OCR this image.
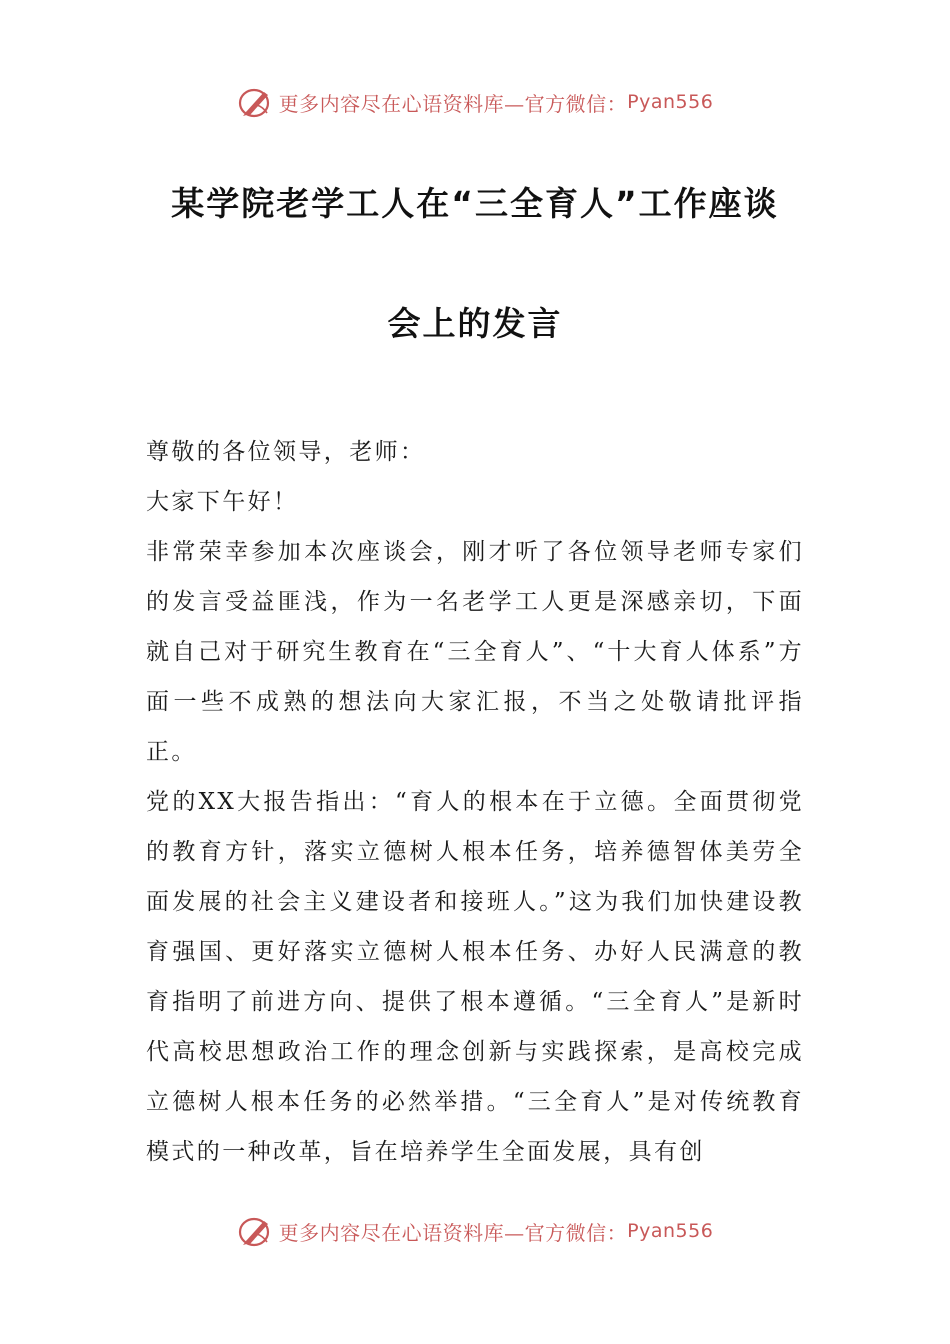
更多内容尽在心语资料库—官方微信： Pyan556
某学院老学工人在“三全育人”工作座谈
会上的发言

尊敬的各位领导，老师：

大家下午好！

非常荣幸参加本次座谈会，刚才听了各位领导老师专家们的发言受益匪浅，作为一名老学工人更是深感亲切，下面就自己对于研究生教育在“三全育人”、“十大育人体系”方面一些不成熟的想法向大家汇报，不当之处敬请批评指正。

党的XX大报告指出：“育人的根本在于立德。全面贯彻党的教育方针，落实立德树人根本任务，培养德智体美劳全面发展的社会主义建设者和接班人。”这为我们加快建设教育强国、更好落实立德树人根本任务、办好人民满意的教育指明了前进方向、提供了根本遵循。“三全育人”是新时代高校思想政治工作的理念创新与实践探索，是高校完成立德树人根本任务的必然举措。“三全育人”是对传统教育模式的一种改革，旨在培养学生全面发展，具有创

更多内容尽在心语资料库—官方微信： Pyan556
